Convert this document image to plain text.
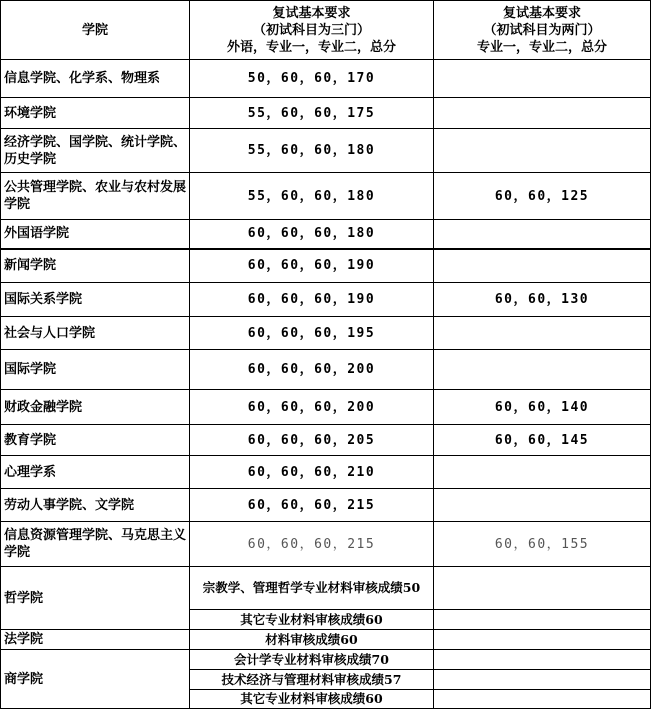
学院	复试基本要求
（初试科目为三门）
外语，专业一，专业二，总分	复试基本要求
（初试科目为两门）
专业一，专业二，总分

信息学院、化学系、物理系	50，60，60，170	
环境学院	55，60，60，175	
经济学院、国学院、统计学院、历史学院	55，60，60，180	
公共管理学院、农业与农村发展学院	55，60，60，180	60，60，125
外国语学院	60，60，60，180	
新闻学院	60，60，60，190	
国际关系学院	60，60，60，190	60，60，130
社会与人口学院	60，60，60，195	
国际学院	60，60，60，200	
财政金融学院	60，60，60，200	60，60，140
教育学院	60，60，60，205	60，60，145
心理学系	60，60，60，210	
劳动人事学院、文学院	60，60，60，215	
信息资源管理学院、马克思主义学院	60，60，60，215	60，60，155
哲学院	宗教学、管理哲学专业材料审核成绩50	
	其它专业材料审核成绩60	
法学院	材料审核成绩60	
商学院	会计学专业材料审核成绩70	
	技术经济与管理材料审核成绩57	
	其它专业材料审核成绩60	
